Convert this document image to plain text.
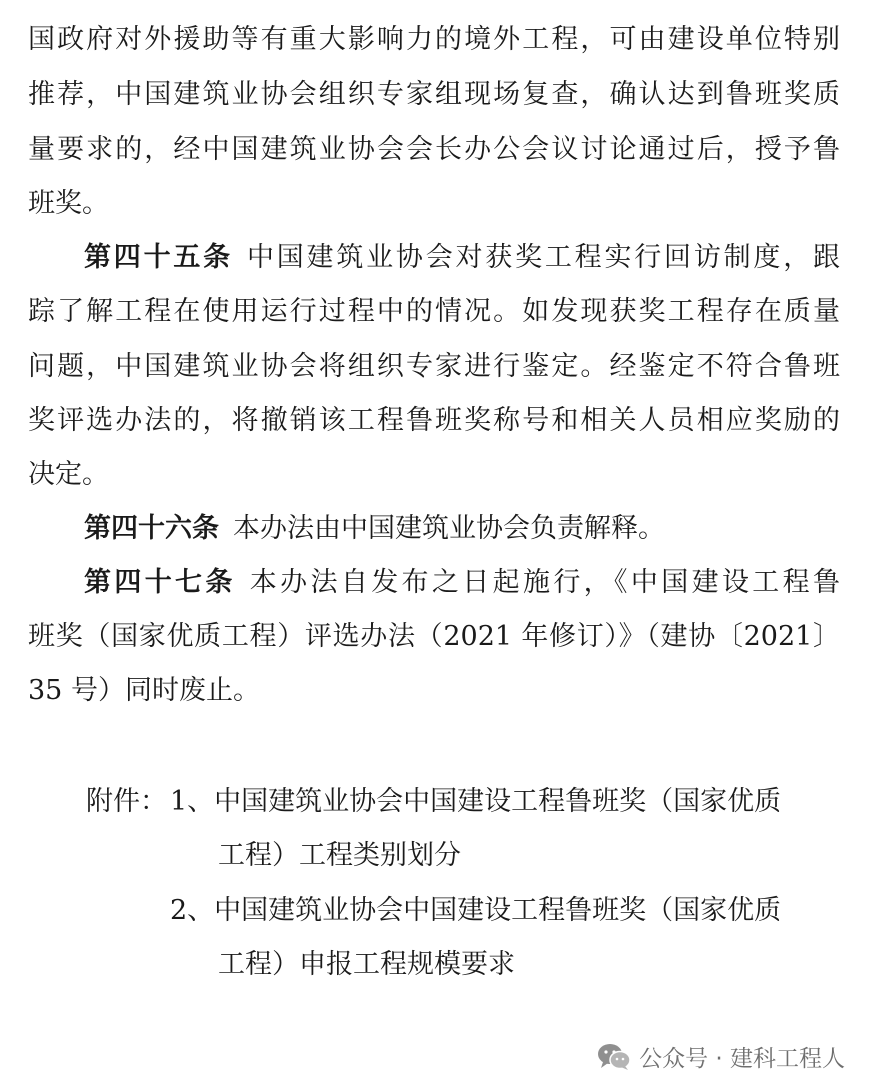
国政府对外援助等有重大影响力的境外工程，可由建设单位特别
推荐，中国建筑业协会组织专家组现场复查，确认达到鲁班奖质
量要求的，经中国建筑业协会会长办公会议讨论通过后，授予鲁
班奖。
第四十五条 中国建筑业协会对获奖工程实行回访制度，跟
踪了解工程在使用运行过程中的情况。如发现获奖工程存在质量
问题，中国建筑业协会将组织专家进行鉴定。经鉴定不符合鲁班
奖评选办法的，将撤销该工程鲁班奖称号和相关人员相应奖励的
决定。
第四十六条 本办法由中国建筑业协会负责解释。
第四十七条 本办法自发布之日起施行，《中国建设工程鲁
班奖（国家优质工程）评选办法（2021 年修订）》（建协〔2021〕
35 号）同时废止。
附件： 1、中国建筑业协会中国建设工程鲁班奖（国家优质
工程）工程类别划分
2、中国建筑业协会中国建设工程鲁班奖（国家优质
工程）申报工程规模要求
公众号 · 建科工程人
